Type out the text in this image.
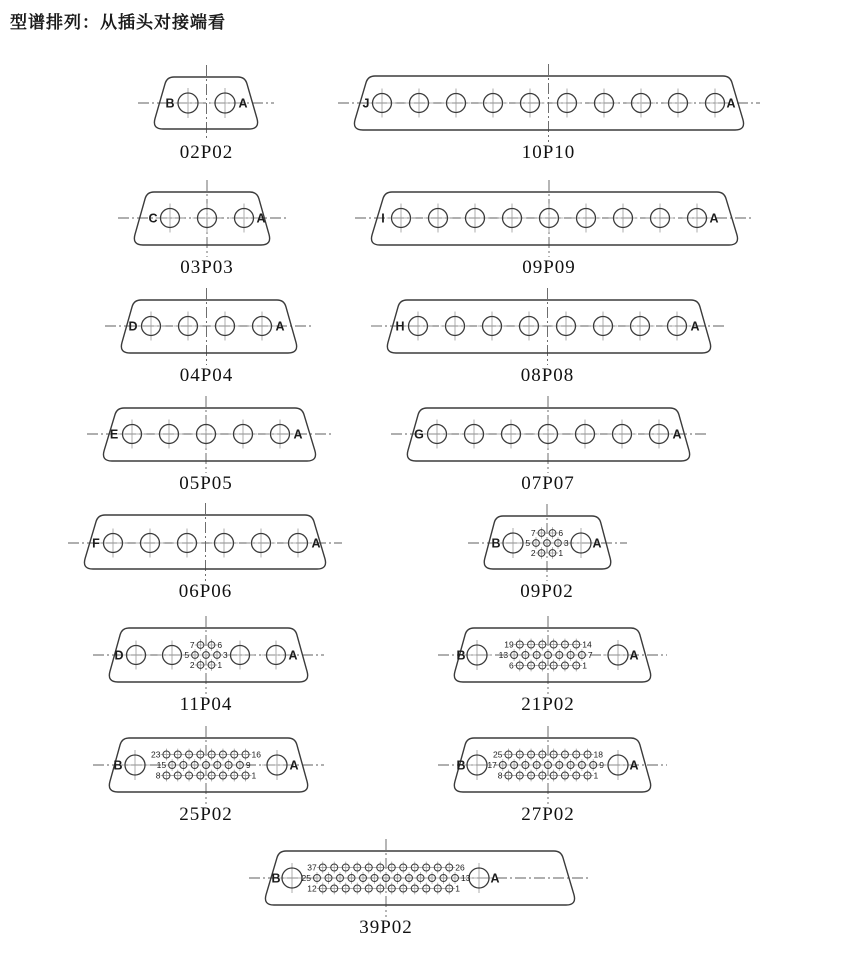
型谱排列：从插头对接端看
B	A
02P02
J	A
10P10
C	A
03P03
I	A
09P09
D	A
04P04
H	A
08P08
E	A
05P05
G	A
07P07
F	A
06P06
7	6
5	3
2	1
B	A
09P02
7	6
5	3
2	1
D	A
11P04
19	14
13	7
6	1
B	A
21P02
23	16
15	9
8	1
B	A
25P02
25	18
17	9
8	1
B	A
27P02
37	26
25	13
12	1
B	A
39P02
